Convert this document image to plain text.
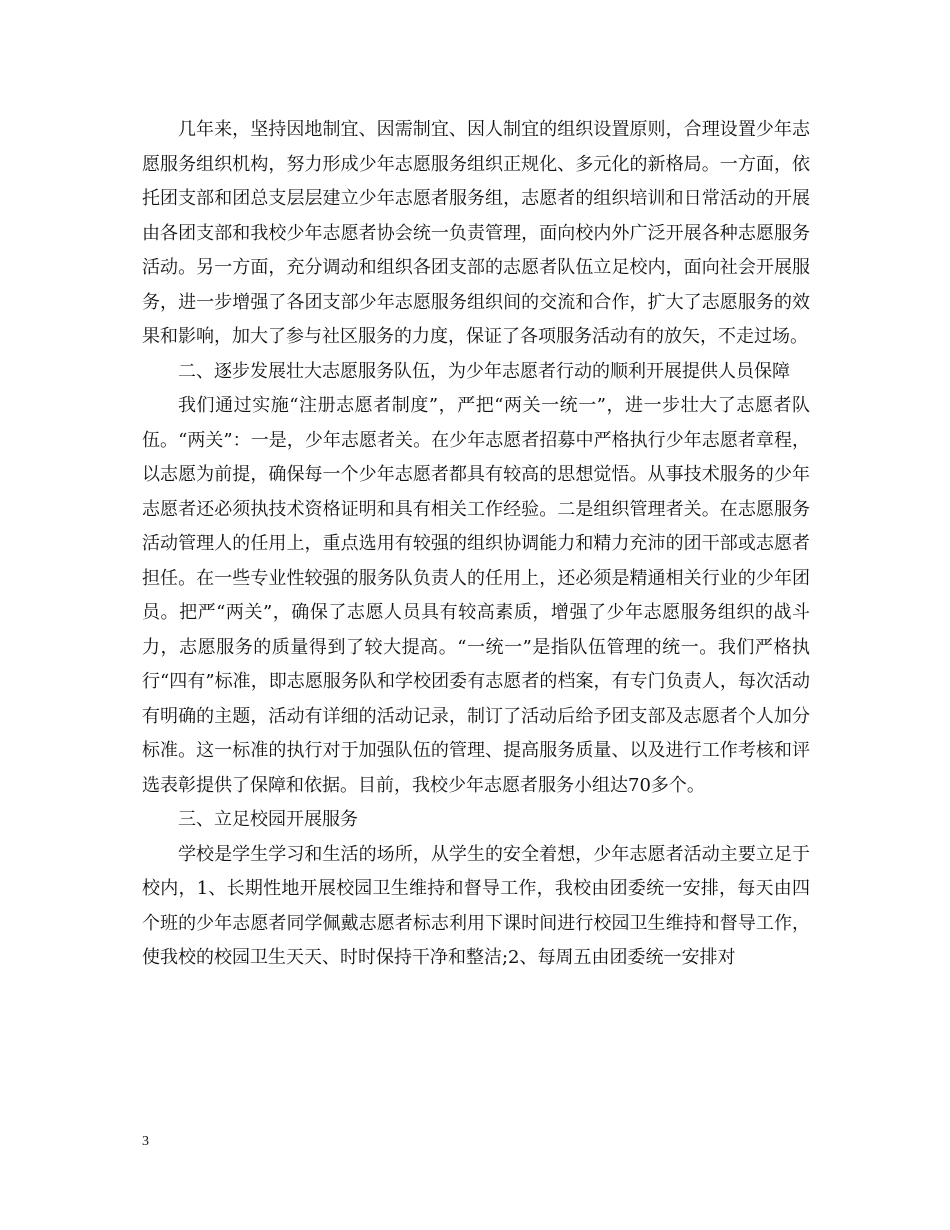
几年来，坚持因地制宜、因需制宜、因人制宜的组织设置原则，合理设置少年志愿服务组织机构，努力形成少年志愿服务组织正规化、多元化的新格局。一方面，依托团支部和团总支层层建立少年志愿者服务组，志愿者的组织培训和日常活动的开展由各团支部和我校少年志愿者协会统一负责管理，面向校内外广泛开展各种志愿服务活动。另一方面，充分调动和组织各团支部的志愿者队伍立足校内，面向社会开展服务，进一步增强了各团支部少年志愿服务组织间的交流和合作，扩大了志愿服务的效果和影响，加大了参与社区服务的力度，保证了各项服务活动有的放矢，不走过场。

二、逐步发展壮大志愿服务队伍，为少年志愿者行动的顺利开展提供人员保障

我们通过实施“注册志愿者制度”，严把“两关一统一”，进一步壮大了志愿者队伍。“两关”：一是，少年志愿者关。在少年志愿者招募中严格执行少年志愿者章程，以志愿为前提，确保每一个少年志愿者都具有较高的思想觉悟。从事技术服务的少年志愿者还必须执技术资格证明和具有相关工作经验。二是组织管理者关。在志愿服务活动管理人的任用上，重点选用有较强的组织协调能力和精力充沛的团干部或志愿者担任。在一些专业性较强的服务队负责人的任用上，还必须是精通相关行业的少年团员。把严“两关”，确保了志愿人员具有较高素质，增强了少年志愿服务组织的战斗力，志愿服务的质量得到了较大提高。“一统一”是指队伍管理的统一。我们严格执行“四有”标准，即志愿服务队和学校团委有志愿者的档案，有专门负责人，每次活动有明确的主题，活动有详细的活动记录，制订了活动后给予团支部及志愿者个人加分标准。这一标准的执行对于加强队伍的管理、提高服务质量、以及进行工作考核和评选表彰提供了保障和依据。目前，我校少年志愿者服务小组达70多个。

三、立足校园开展服务

学校是学生学习和生活的场所，从学生的安全着想，少年志愿者活动主要立足于校内，1、长期性地开展校园卫生维持和督导工作，我校由团委统一安排，每天由四个班的少年志愿者同学佩戴志愿者标志利用下课时间进行校园卫生维持和督导工作，使我校的校园卫生天天、时时保持干净和整洁;2、每周五由团委统一安排对

3
